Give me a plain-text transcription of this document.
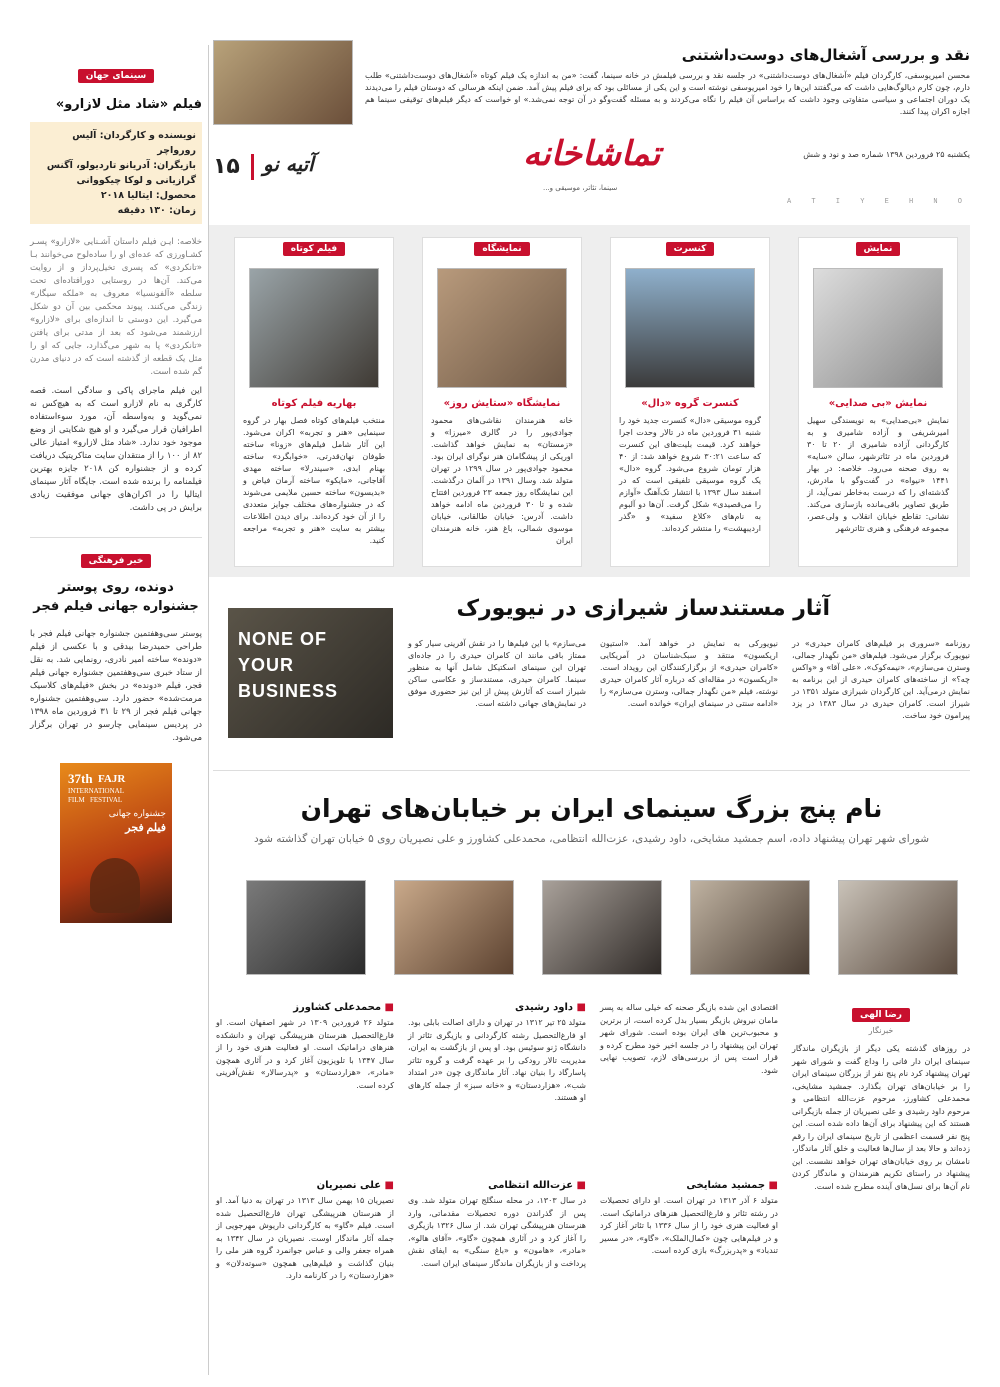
سینمای جهان
فیلم «شاد مثل لازارو»
نویسنده و کارگردان: آلیس رورواچر
بازیگران: آدریانو تاردیولو، آگنس
گرازیانی و لوکا چیکووانی
محصول: ایتالیا ۲۰۱۸
زمان: ۱۳۰ دقیقه
خلاصه: ایـن فیلم داستان آشـنایی «لازارو» پسـر کشـاورزی که عده‌ای او را ساده‌لوح می‌خوانند بـا «تانکردی» که پسری تخیل‌پرداز و از روایت می‌کند. آن‌ها در روستایی دورافتاده‌ای تحت سلطه «آلفونسیا» معروف به «ملکه سیگار» زندگی می‌کنند. پیوند محکمی بین آن دو شکل می‌گیرد. این دوستی تا اندازه‌ای برای «لازارو» ارزشمند می‌شود که بعد از مدتی برای یافتن «تانکردی» پا به شهر می‌گذارد، جایی که او را مثل یک قطعه از گذشته است که در دنیای مدرن گم شده است.
این فیلم ماجرای پاکی و سادگی است. قصه کارگری به نام لازارو است که به هیچ‌کس نه نمی‌گوید و به‌واسطه آن، مورد سوءاستفاده اطرافیان قرار می‌گیرد و او هیچ شکایتی از وضع موجود خود ندارد. «شاد مثل لازارو» امتیاز عالی ۸۲ از ۱۰۰ را از منتقدان سایت متاکریتیک دریافت کرده و از جشنواره کن ۲۰۱۸ جایزه بهترین فیلمنامه را برنده شده است. جایگاه آثار سینمای ایتالیا را در اکران‌های جهانی موفقیت زیادی برایش در پی داشت.
خبر فرهنگی
دونده، روی پوستر جشنواره جهانی فیلم فجر
پوستر سی‌وهفتمین جشنواره جهانی فیلم فجر با طراحی حمیدرضا بیدقی و با عکسی از فیلم «دونده» ساخته امیر نادری، رونمایی شد. به نقل از ستاد خبری سی‌وهفتمین جشنواره جهانی فیلم فجر، فیلم «دونده» در بخش «فیلم‌های کلاسیک مرمت‌شده» حضور دارد. سی‌وهفتمین جشنواره جهانی فیلم فجر از ۲۹ تا ۳۱ فروردین ماه ۱۳۹۸ در پردیس سینمایی چارسو در تهران برگزار می‌شود.
37th FAJR
INTERNATIONAL
FILM FESTIVAL
جشنواره جهانی
فیلم فجر
نقد و بررسی آشغال‌های دوست‌داشتنی
محسن امیریوسفی، کارگردان فیلم «آشغال‌های دوست‌داشتنی» در جلسه نقد و بررسی فیلمش در خانه سینما، گفت: «من به اندازه یک فیلم کوتاه «آشغال‌های دوست‌داشتنی» طلب دارم، چون کارم دیالوگ‌هایی داشت که می‌گفتند این‌ها را خود امیریوسفی نوشته است و این یکی از مسائلی بود که برای فیلم پیش آمد. ضمن اینکه هرسالی که دوستان فیلم را می‌دیدند یک دوران اجتماعی و سیاسی متفاوتی وجود داشت که براساس آن فیلم را نگاه می‌کردند و به مسئله گفت‌وگو در آن توجه نمی‌شد.» او خواست که دیگر فیلم‌های توقیفی سینما هم اجازه اکران پیدا کنند.
۱۵ آتیه نو
A T I Y E H N O
تماشاخانه
سینما، تئاتر، موسیقی و...
یکشنبه ۲۵ فروردین ۱۳۹۸ شماره صد و نود و شش
نمایش
نمایش «بی صدایی»
نمایش «بی‌صدایی» به نویسندگی سهیل امیرشریفی و آزاده شامیری و به کارگردانی آزاده شامیری از ۲۰ تا ۳۰ فروردین ماه در تئاترشهر، سالن «سایه» به روی صحنه می‌رود. خلاصه: در بهار ۱۴۴۱ «نیواه» در گفت‌وگو با مادرش، گذشته‌ای را که درست به‌خاطر نمی‌آید، از طریق تصاویر باقی‌مانده بازسازی می‌کند. نشانی: تقاطع خیابان انقلاب و ولی‌عصر، مجموعه فرهنگی و هنری تئاترشهر
کنسرت
کنسرت گروه «دال»
گروه موسیقی «دال» کنسرت جدید خود را شنبه ۳۱ فروردین ماه در تالار وحدت اجرا خواهند کرد. قیمت بلیت‌های این کنسرت که ساعت ۳۰:۲۱ شروع خواهد شد: از ۴۰ هزار تومان شروع می‌شود. گروه «دال» یک گروه موسیقی تلفیقی است که در اسفند سال ۱۳۹۳ با انتشار تک‌آهنگ «آوازم را می‌قصیدی» شکل گرفت. آن‌ها دو آلبوم به نام‌های «کلاغ سفید» و «گذر اردیبهشت» را منتشر کرده‌اند.
نمایشگاه
نمایشگاه «ستایش روز»
خانه هنرمندان نقاشی‌های محمود جوادی‌پور را در گالری «میرزا» و «زمستان» به نمایش خواهد گذاشت. اوریکی از پیشگامان هنر نوگرای ایران بود. محمود جوادی‌پور در سال ۱۲۹۹ در تهران متولد شد. وسال ۱۳۹۱ در آلمان درگذشت. این نمایشگاه روز جمعه ۲۳ فروردین افتتاح شده و تا ۳۰ فروردین ماه ادامه خواهد داشت. آدرس: خیابان طالقانی، خیابان موسوی شمالی، باغ هنر، خانه هنرمندان ایران
فیلم کوتاه
بهاریه فیلم کوتاه
منتخب فیلم‌های کوتاه فصل بهار در گروه سینمایی «هنر و تجربه» اکران می‌شود. این آثار شامل فیلم‌های «زونا» ساخته طوفان نهان‌قدرتی، «خوابگرد» ساخته بهنام ابدی، «سیندرلا» ساخته مهدی آقاجانی، «مایکو» ساخته آرمان فیاض و «بدیسون» ساخته حسین ملایمی می‌شوند که در جشنواره‌های مختلف جوایز متعددی را از آن خود کرده‌اند. برای دیدن اطلاعات بیشتر به سایت «هنر و تجربه» مراجعه کنید.
آثار مستندساز شیرازی در نیویورک
NONE OF YOUR BUSINESS
روزنامه «سروری بر فیلم‌های کامران حیدری» در نیویورک برگزار می‌شود. فیلم‌های «من نگهدار جمالی، وسترن می‌سازم»، «نیمه‌کوک»، «علی آقا» و «واکس چه؟» از ساخته‌های کامران حیدری از این برنامه به نمایش درمی‌آید. این کارگردان شیرازی متولد ۱۳۵۱ در شیراز است. کامران حیدری در سال ۱۳۸۳ در یزد پیرامون خود ساخت.
نیویورکی به نمایش در خواهد آمد. «استیون اریکسون» منتقد و سبک‌شناسان در آمریکایی «کامران حیدری» از برگزارکنندگان این رویداد است. «اریکسون» در مقاله‌ای که درباره آثار کامران حیدری نوشته، فیلم «من نگهدار جمالی، وسترن می‌سازم» را «ادامه سنتی در سینمای ایران» خوانده است.
می‌سازم» با این فیلم‌ها را در نقش آفرینی سیار کو و ممتاز بافی مانند ان کامران حیدری را در جاده‌ای تهران این سینمای اسکتیکل شامل آنها به منظور سینما. کامران حیدری، مستندساز و عکاسی ساکن شیراز است که آثارش پیش از این نیز حضوری موفق در نمایش‌های جهانی داشته است.
نام پنج بزرگ سینمای ایران بر خیابان‌های تهران
شورای شهر تهران پیشنهاد داده، اسم جمشید مشایخی، داود رشیدی، عزت‌الله انتظامی، محمدعلی کشاورز و علی نصیریان روی ۵ خیابان تهران گذاشته شود
رضا الهی
خبرنگار
در روزهای گذشته یکی دیگر از بازیگران ماندگار سینمای ایران دار فانی را وداع گفت و شورای شهر تهران پیشنهاد کرد نام پنج نفر از بزرگان سینمای ایران را بر خیابان‌های تهران بگذارد. جمشید مشایخی، محمدعلی کشاورز، مرحوم عزت‌الله انتظامی و مرحوم داود رشیدی و علی نصیریان از جمله بازیگرانی هستند که این پیشنهاد برای آن‌ها داده شده است. این پنج نفر قسمت اعظمی از تاریخ سینمای ایران را رقم زده‌اند و حالا بعد از سال‌ها فعالیت و خلق آثار ماندگار، نامشان بر روی خیابان‌های تهران خواهد نشست. این پیشنهاد در راستای تکریم هنرمندان و ماندگار کردن نام آن‌ها برای نسل‌های آینده مطرح شده است.
اقتصادی این شده بازیگر صحنه که خیلی ساله به پسر مامان نیروش بازیگر بسیار بدل کرده است، از برترین و محبوب‌ترین های ایران بوده است. شورای شهر تهران این پیشنهاد را در جلسه اخیر خود مطرح کرده و قرار است پس از بررسی‌های لازم، تصویب نهایی شود.
■ داود رشیدی
متولد ۲۵ تیر ۱۳۱۲ در تهران و دارای اصالت بابلی بود. او فارغ‌التحصیل رشته کارگردانی و بازیگری تئاتر از دانشگاه ژنو سوئیس بود. او پس از بازگشت به ایران، مدیریت تالار رودکی را بر عهده گرفت و گروه تئاتر پاسارگاد را بنیان نهاد. آثار ماندگاری چون «در امتداد شب»، «هزاردستان» و «خانه سبز» از جمله کارهای او هستند.
■ عزت‌الله انتظامی
در سال ۱۳۰۳، در محله سنگلج تهران متولد شد. وی پس از گذراندن دوره تحصیلات مقدماتی، وارد هنرستان هنرپیشگی تهران شد. از سال ۱۳۲۶ بازیگری را آغاز کرد و در آثاری همچون «گاو»، «آقای هالو»، «مادر»، «هامون» و «باغ سنگی» به ایفای نقش پرداخت و از بازیگران ماندگار سینمای ایران است.
■ جمشید مشایخی
متولد ۶ آذر ۱۳۱۳ در تهران است. او دارای تحصیلات در رشته تئاتر و فارغ‌التحصیل هنرهای دراماتیک است. او فعالیت هنری خود را از سال ۱۳۳۶ با تئاتر آغاز کرد و در فیلم‌هایی چون «کمال‌الملک»، «گاو»، «در مسیر تندباد» و «پدربزرگ» بازی کرده است.
■ محمدعلی کشاورز
متولد ۲۶ فروردین ۱۳۰۹ در شهر اصفهان است. او فارغ‌التحصیل هنرستان هنرپیشگی تهران و دانشکده هنرهای دراماتیک است. او فعالیت هنری خود را از سال ۱۳۴۷ با تلویزیون آغاز کرد و در آثاری همچون «مادر»، «هزاردستان» و «پدرسالار» نقش‌آفرینی کرده است.
■ علی نصیریان
نصیریان ۱۵ بهمن سال ۱۳۱۳ در تهران به دنیا آمد. او از هنرستان هنرپیشگی تهران فارغ‌التحصیل شده است. فیلم «گاو» به کارگردانی داریوش مهرجویی از جمله آثار ماندگار اوست. نصیریان در سال ۱۳۴۲ به همراه جعفر والی و عباس جوانمرد گروه هنر ملی را بنیان گذاشت و فیلم‌هایی همچون «سوته‌دلان» و «هزاردستان» را در کارنامه دارد.
